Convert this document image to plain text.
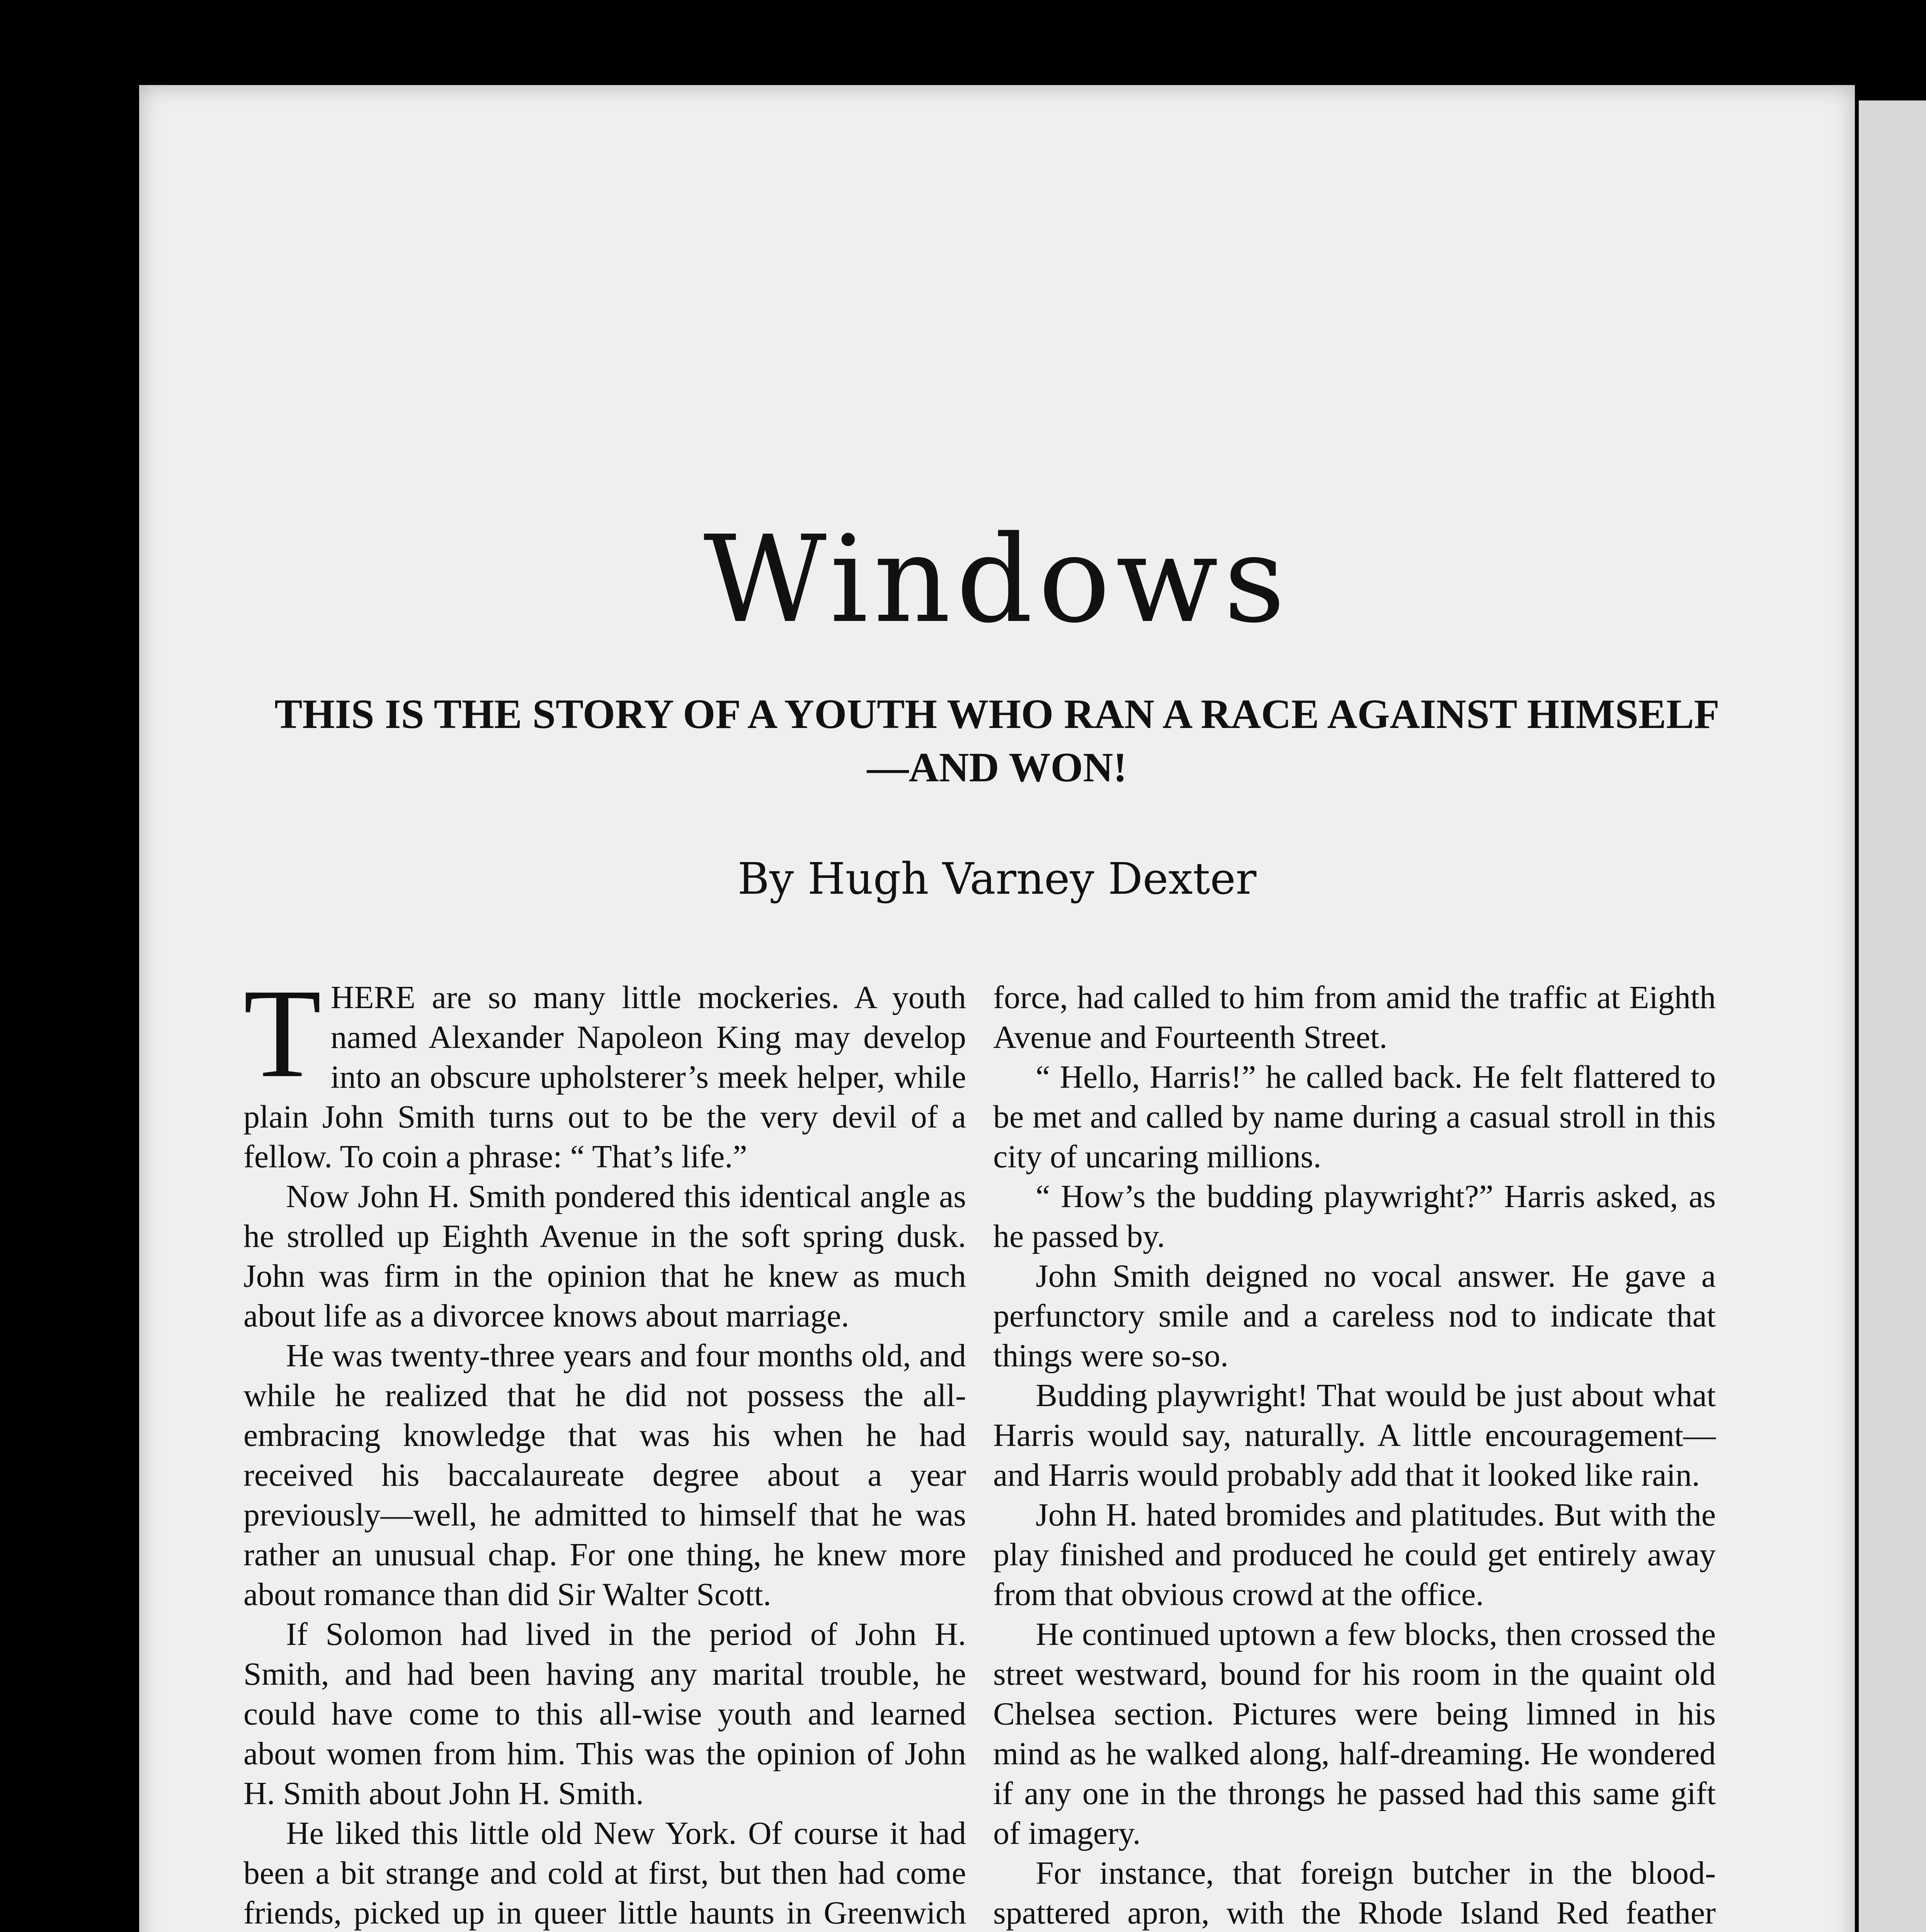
Windows
THIS IS THE STORY OF A YOUTH WHO RAN A RACE AGAINST HIMSELF—AND WON!
By Hugh Varney Dexter

THERE are so many little mockeries. A youth named Alexander Napoleon King may develop into an obscure upholsterer’s meek helper, while plain John Smith turns out to be the very devil of a fellow. To coin a phrase: “ That’s life.”

Now John H. Smith pondered this identical angle as he strolled up Eighth Avenue in the soft spring dusk. John was firm in the opinion that he knew as much about life as a divorcee knows about marriage.

He was twenty-three years and four months old, and while he realized that he did not possess the all-embracing knowledge that was his when he had received his baccalaureate degree about a year previously—well, he admitted to himself that he was rather an unusual chap. For one thing, he knew more about romance than did Sir Walter Scott.

If Solomon had lived in the period of John H. Smith, and had been having any marital trouble, he could have come to this all-wise youth and learned about women from him. This was the opinion of John H. Smith about John H. Smith.

He liked this little old New York. Of course it had been a bit strange and cold at first, but then had come friends, picked up in queer little haunts in Greenwich

force, had called to him from amid the traffic at Eighth Avenue and Fourteenth Street.

“ Hello, Harris!” he called back. He felt flattered to be met and called by name during a casual stroll in this city of uncaring millions.

“ How’s the budding playwright?” Harris asked, as he passed by.

John Smith deigned no vocal answer. He gave a perfunctory smile and a careless nod to indicate that things were so-so.

Budding playwright! That would be just about what Harris would say, naturally. A little encouragement—and Harris would probably add that it looked like rain.

John H. hated bromides and platitudes. But with the play finished and produced he could get entirely away from that obvious crowd at the office.

He continued uptown a few blocks, then crossed the street westward, bound for his room in the quaint old Chelsea section. Pictures were being limned in his mind as he walked along, half-dreaming. He wondered if any one in the throngs he passed had this same gift of imagery.

For instance, that foreign butcher in the blood-spattered apron, with the Rhode Island Red feather
